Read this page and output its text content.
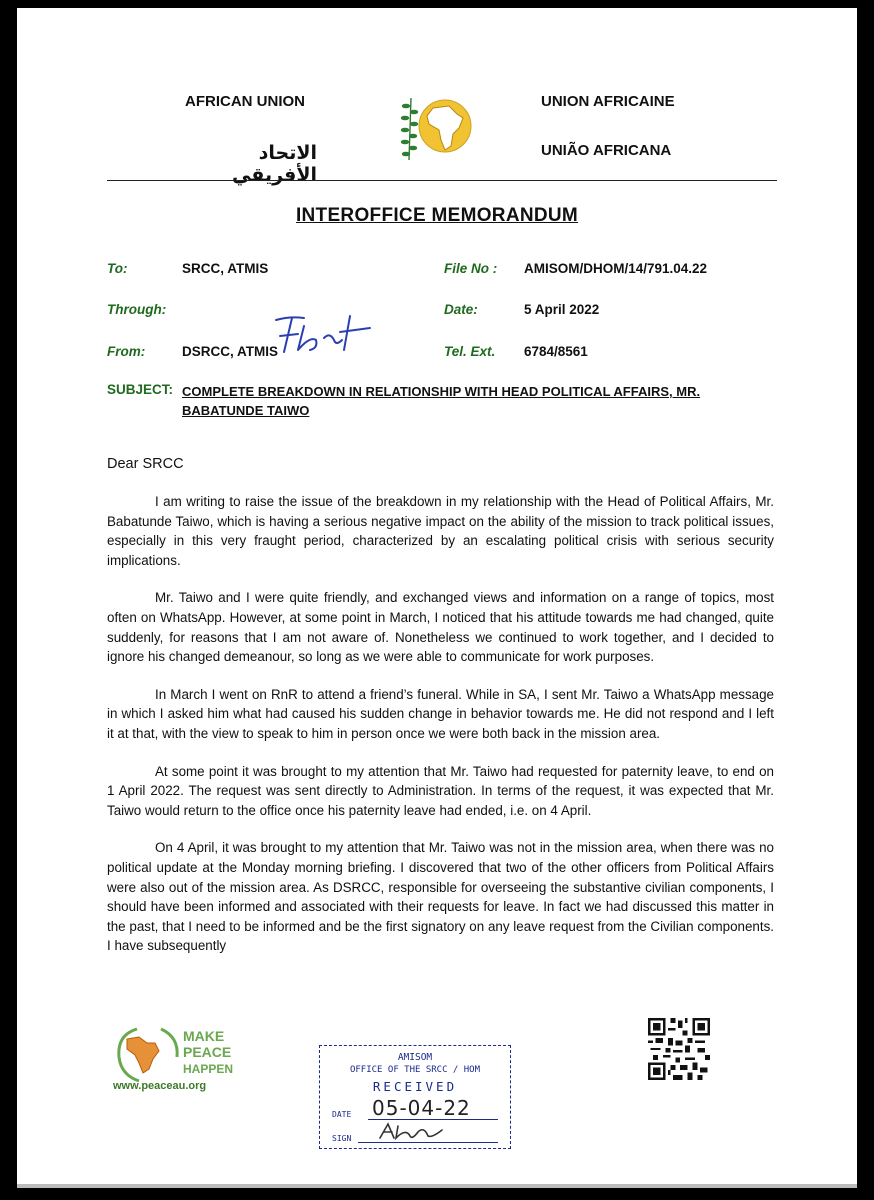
AFRICAN UNION
الاتحاد الأفريقي
UNION AFRICAINE
UNIÃO AFRICANA
INTEROFFICE MEMORANDUM
To:	SRCC, ATMIS
Through:
From:	DSRCC, ATMIS
File No : AMISOM/DHOM/14/791.04.22
Date:	5 April 2022
Tel. Ext. 6784/8561
SUBJECT: COMPLETE BREAKDOWN IN RELATIONSHIP WITH HEAD POLITICAL AFFAIRS, MR. BABATUNDE TAIWO
Dear SRCC

I am writing to raise the issue of the breakdown in my relationship with the Head of Political Affairs, Mr. Babatunde Taiwo, which is having a serious negative impact on the ability of the mission to track political issues, especially in this very fraught period, characterized by an escalating political crisis with serious security implications.

Mr. Taiwo and I were quite friendly, and exchanged views and information on a range of topics, most often on WhatsApp. However, at some point in March, I noticed that his attitude towards me had changed, quite suddenly, for reasons that I am not aware of. Nonetheless we continued to work together, and I decided to ignore his changed demeanour, so long as we were able to communicate for work purposes.

In March I went on RnR to attend a friend’s funeral. While in SA, I sent Mr. Taiwo a WhatsApp message in which I asked him what had caused his sudden change in behavior towards me. He did not respond and I left it at that, with the view to speak to him in person once we were both back in the mission area.

At some point it was brought to my attention that Mr. Taiwo had requested for paternity leave, to end on 1 April 2022. The request was sent directly to Administration. In terms of the request, it was expected that Mr. Taiwo would return to the office once his paternity leave had ended, i.e. on 4 April.

On 4 April, it was brought to my attention that Mr. Taiwo was not in the mission area, when there was no political update at the Monday morning briefing. I discovered that two of the other officers from Political Affairs were also out of the mission area. As DSRCC, responsible for overseeing the substantive civilian components, I should have been informed and associated with their requests for leave. In fact we had discussed this matter in the past, that I need to be informed and be the first signatory on any leave request from the Civilian components. I have subsequently

MAKE
PEACE
HAPPEN
www.peaceau.org
AMISOM
OFFICE OF THE SRCC / HOM
RECEIVED
DATE 05-04-22
SIGN
